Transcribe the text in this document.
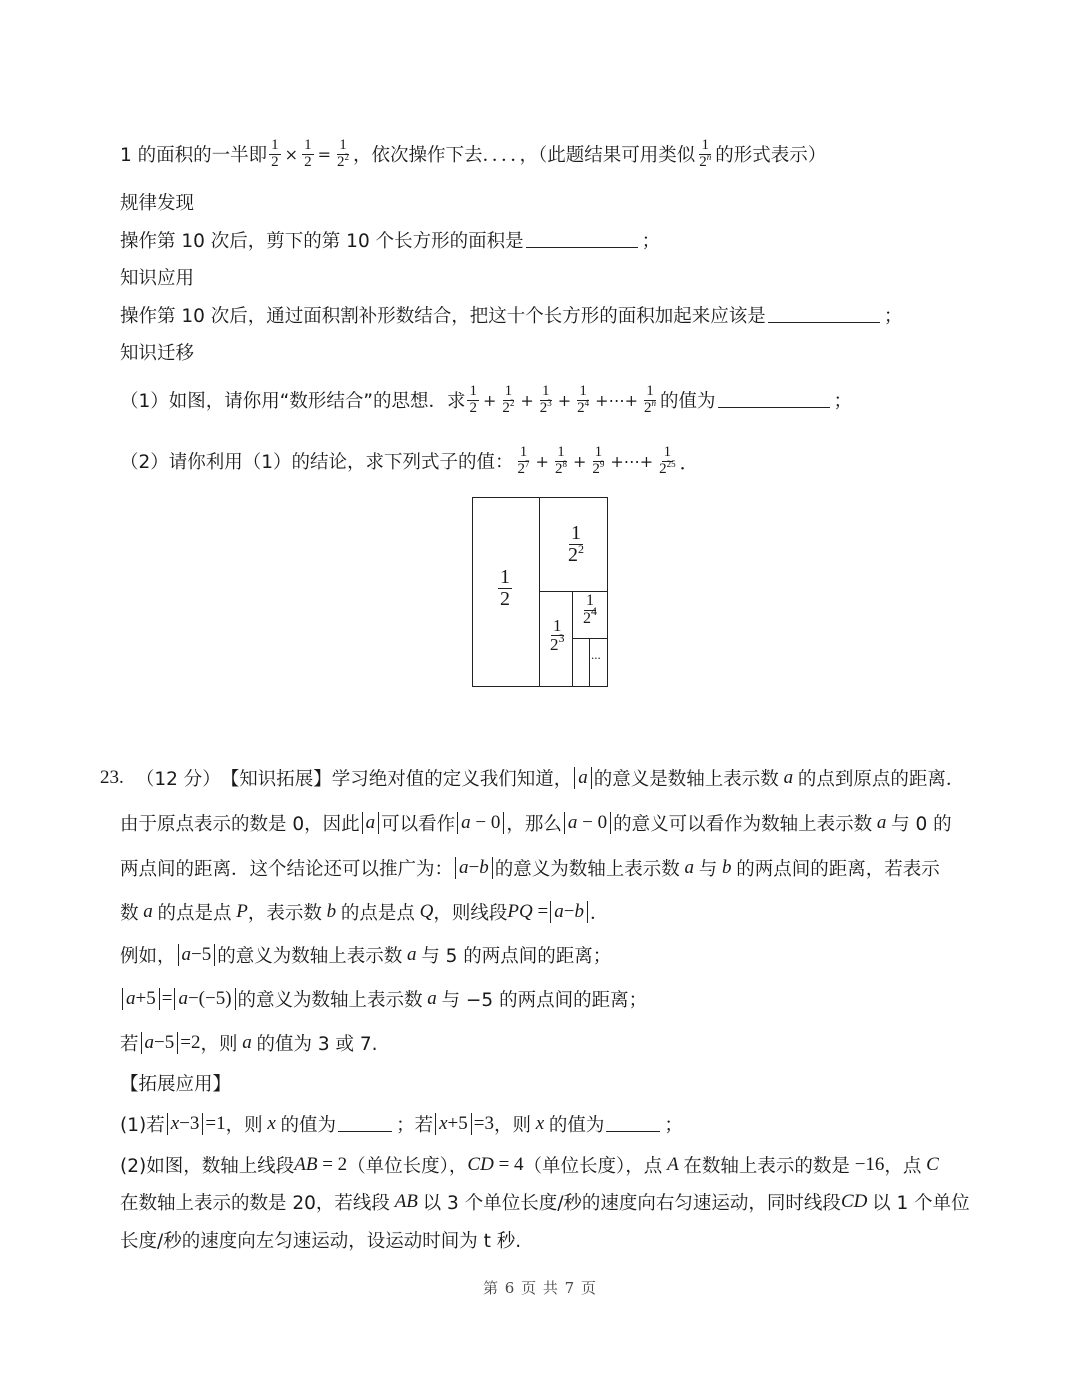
1 的面积的一半即 $\frac{1}{2} \times \frac{1}{2} = \frac{1}{2^2}$ ，依次操作下去．．．．，（此题结果可用类似 $\frac{1}{2^n}$ 的形式表示）
规律发现
操作第 10 次后，剪下的第 10 个长方形的面积是	；
知识应用
操作第 10 次后，通过面积割补形数结合，把这十个长方形的面积加起来应该是	；
知识迁移
（1）如图，请你用“数形结合”的思想．求 $\frac{1}{2} + \frac{1}{2^2} + \frac{1}{2^3} + \frac{1}{2^4}$ +⋯+ $\frac{1}{2^n}$ 的值为	；
（2）请你利用（1）的结论，求下列式子的值： $\frac{1}{2^7} + \frac{1}{2^8} + \frac{1}{2^9}$ +⋯+ $\frac{1}{2^{25}}$ ．
$\frac{1}{2}$
$\frac{1}{2^2}$
$\frac{1}{2^3}$
$\frac{1}{2^4}$
...
23.
（12 分） 【知识拓展】 学习绝对值的定义我们知道， a 的意义是数轴上表示数 a 的点到原点的距离．
由于原点表示的数是 0，因此 a 可以看作 a − 0 ，那么 a − 0 的意义可以看作为数轴上表示数 a 与 0 的
两点间的距离．这个结论还可以推广为： a−b 的意义为数轴上表示数 a 与 b 的两点间的距离，若表示
数 a 的点是点 P ，表示数 b 的点是点 Q ，则线段 PQ = a−b ．
例如， a−5 的意义为数轴上表示数 a 与 5 的两点间的距离；
a+5 = a−(−5) 的意义为数轴上表示数 a 与 −5 的两点间的距离；
若 a−5 =2 ，则 a 的值为 3 或 7.
【拓展应用】
(1)若 x−3 =1 ，则 x 的值为	；若 x+5 =3 ，则 x 的值为	；
(2)如图，数轴上线段 AB = 2 （单位长度）， CD = 4 （单位长度），点 A 在数轴上表示的数是 −16 ，点 C
在数轴上表示的数是 20，若线段 AB 以 3 个单位长度/秒的速度向右匀速运动，同时线段 CD 以 1 个单位
长度/秒的速度向左匀速运动，设运动时间为 t 秒.
第 6 页 共 7 页
